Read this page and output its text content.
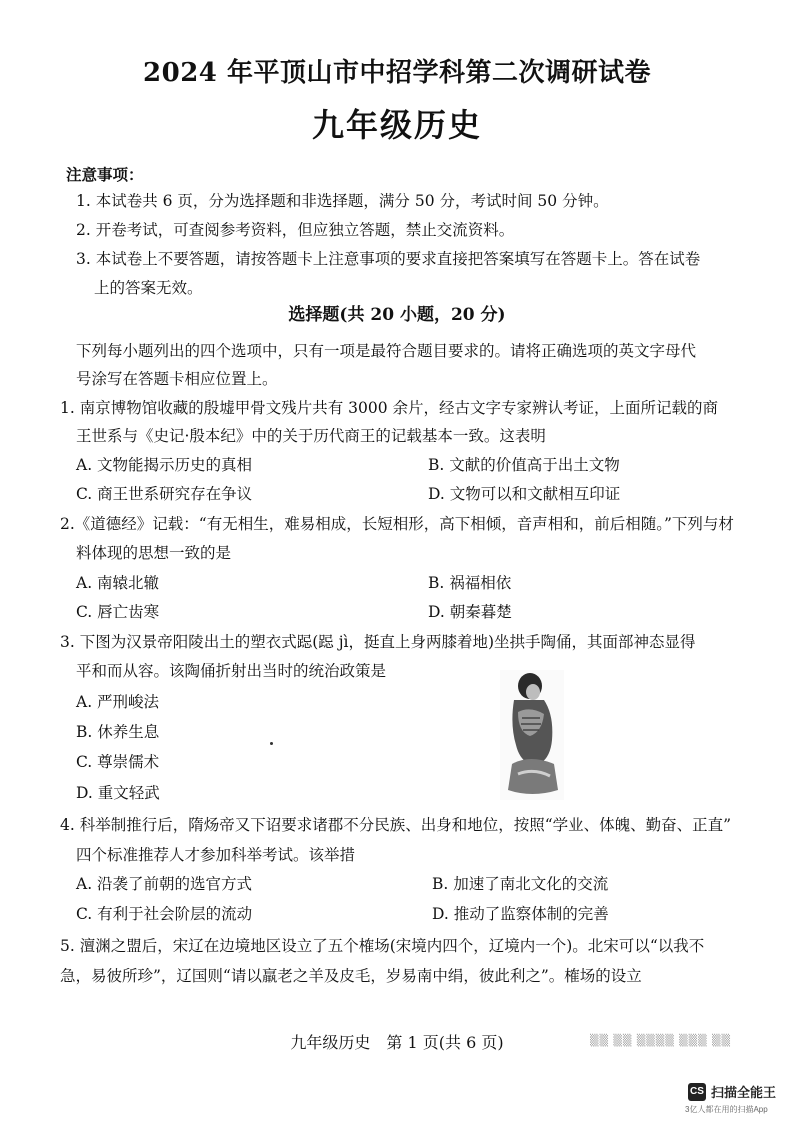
2024 年平顶山市中招学科第二次调研试卷
九年级历史
注意事项：
1. 本试卷共 6 页，分为选择题和非选择题，满分 50 分，考试时间 50 分钟。
2. 开卷考试，可查阅参考资料，但应独立答题，禁止交流资料。
3. 本试卷上不要答题，请按答题卡上注意事项的要求直接把答案填写在答题卡上。答在试卷
上的答案无效。
选择题(共 20 小题，20 分)
下列每小题列出的四个选项中，只有一项是最符合题目要求的。请将正确选项的英文字母代
号涂写在答题卡相应位置上。
1. 南京博物馆收藏的殷墟甲骨文残片共有 3000 余片，经古文字专家辨认考证，上面所记载的商
王世系与《史记·殷本纪》中的关于历代商王的记载基本一致。这表明
A. 文物能揭示历史的真相	B. 文献的价值高于出土文物
C. 商王世系研究存在争议	D. 文物可以和文献相互印证
2.《道德经》记载：“有无相生，难易相成，长短相形，高下相倾，音声相和，前后相随。”下列与材
料体现的思想一致的是
A. 南辕北辙	B. 祸福相依
C. 唇亡齿寒	D. 朝秦暮楚
3. 下图为汉景帝阳陵出土的塑衣式跽(跽 jì，挺直上身两膝着地)坐拱手陶俑，其面部神态显得
平和而从容。该陶俑折射出当时的统治政策是
A. 严刑峻法
B. 休养生息
C. 尊崇儒术
D. 重文轻武
4. 科举制推行后，隋炀帝又下诏要求诸郡不分民族、出身和地位，按照“学业、体魄、勤奋、正直”
四个标准推荐人才参加科举考试。该举措
A. 沿袭了前朝的选官方式	B. 加速了南北文化的交流
C. 有利于社会阶层的流动	D. 推动了监察体制的完善
5. 澶渊之盟后，宋辽在边境地区设立了五个榷场(宋境内四个，辽境内一个)。北宋可以“以我不
急，易彼所珍”，辽国则“请以羸老之羊及皮毛，岁易南中绢，彼此利之”。榷场的设立
九年级历史　第 1 页(共 6 页)	▒▒ ▒▒ ▒▒▒▒ ▒▒▒ ▒▒
CS 扫描全能王
3亿人都在用的扫描App
